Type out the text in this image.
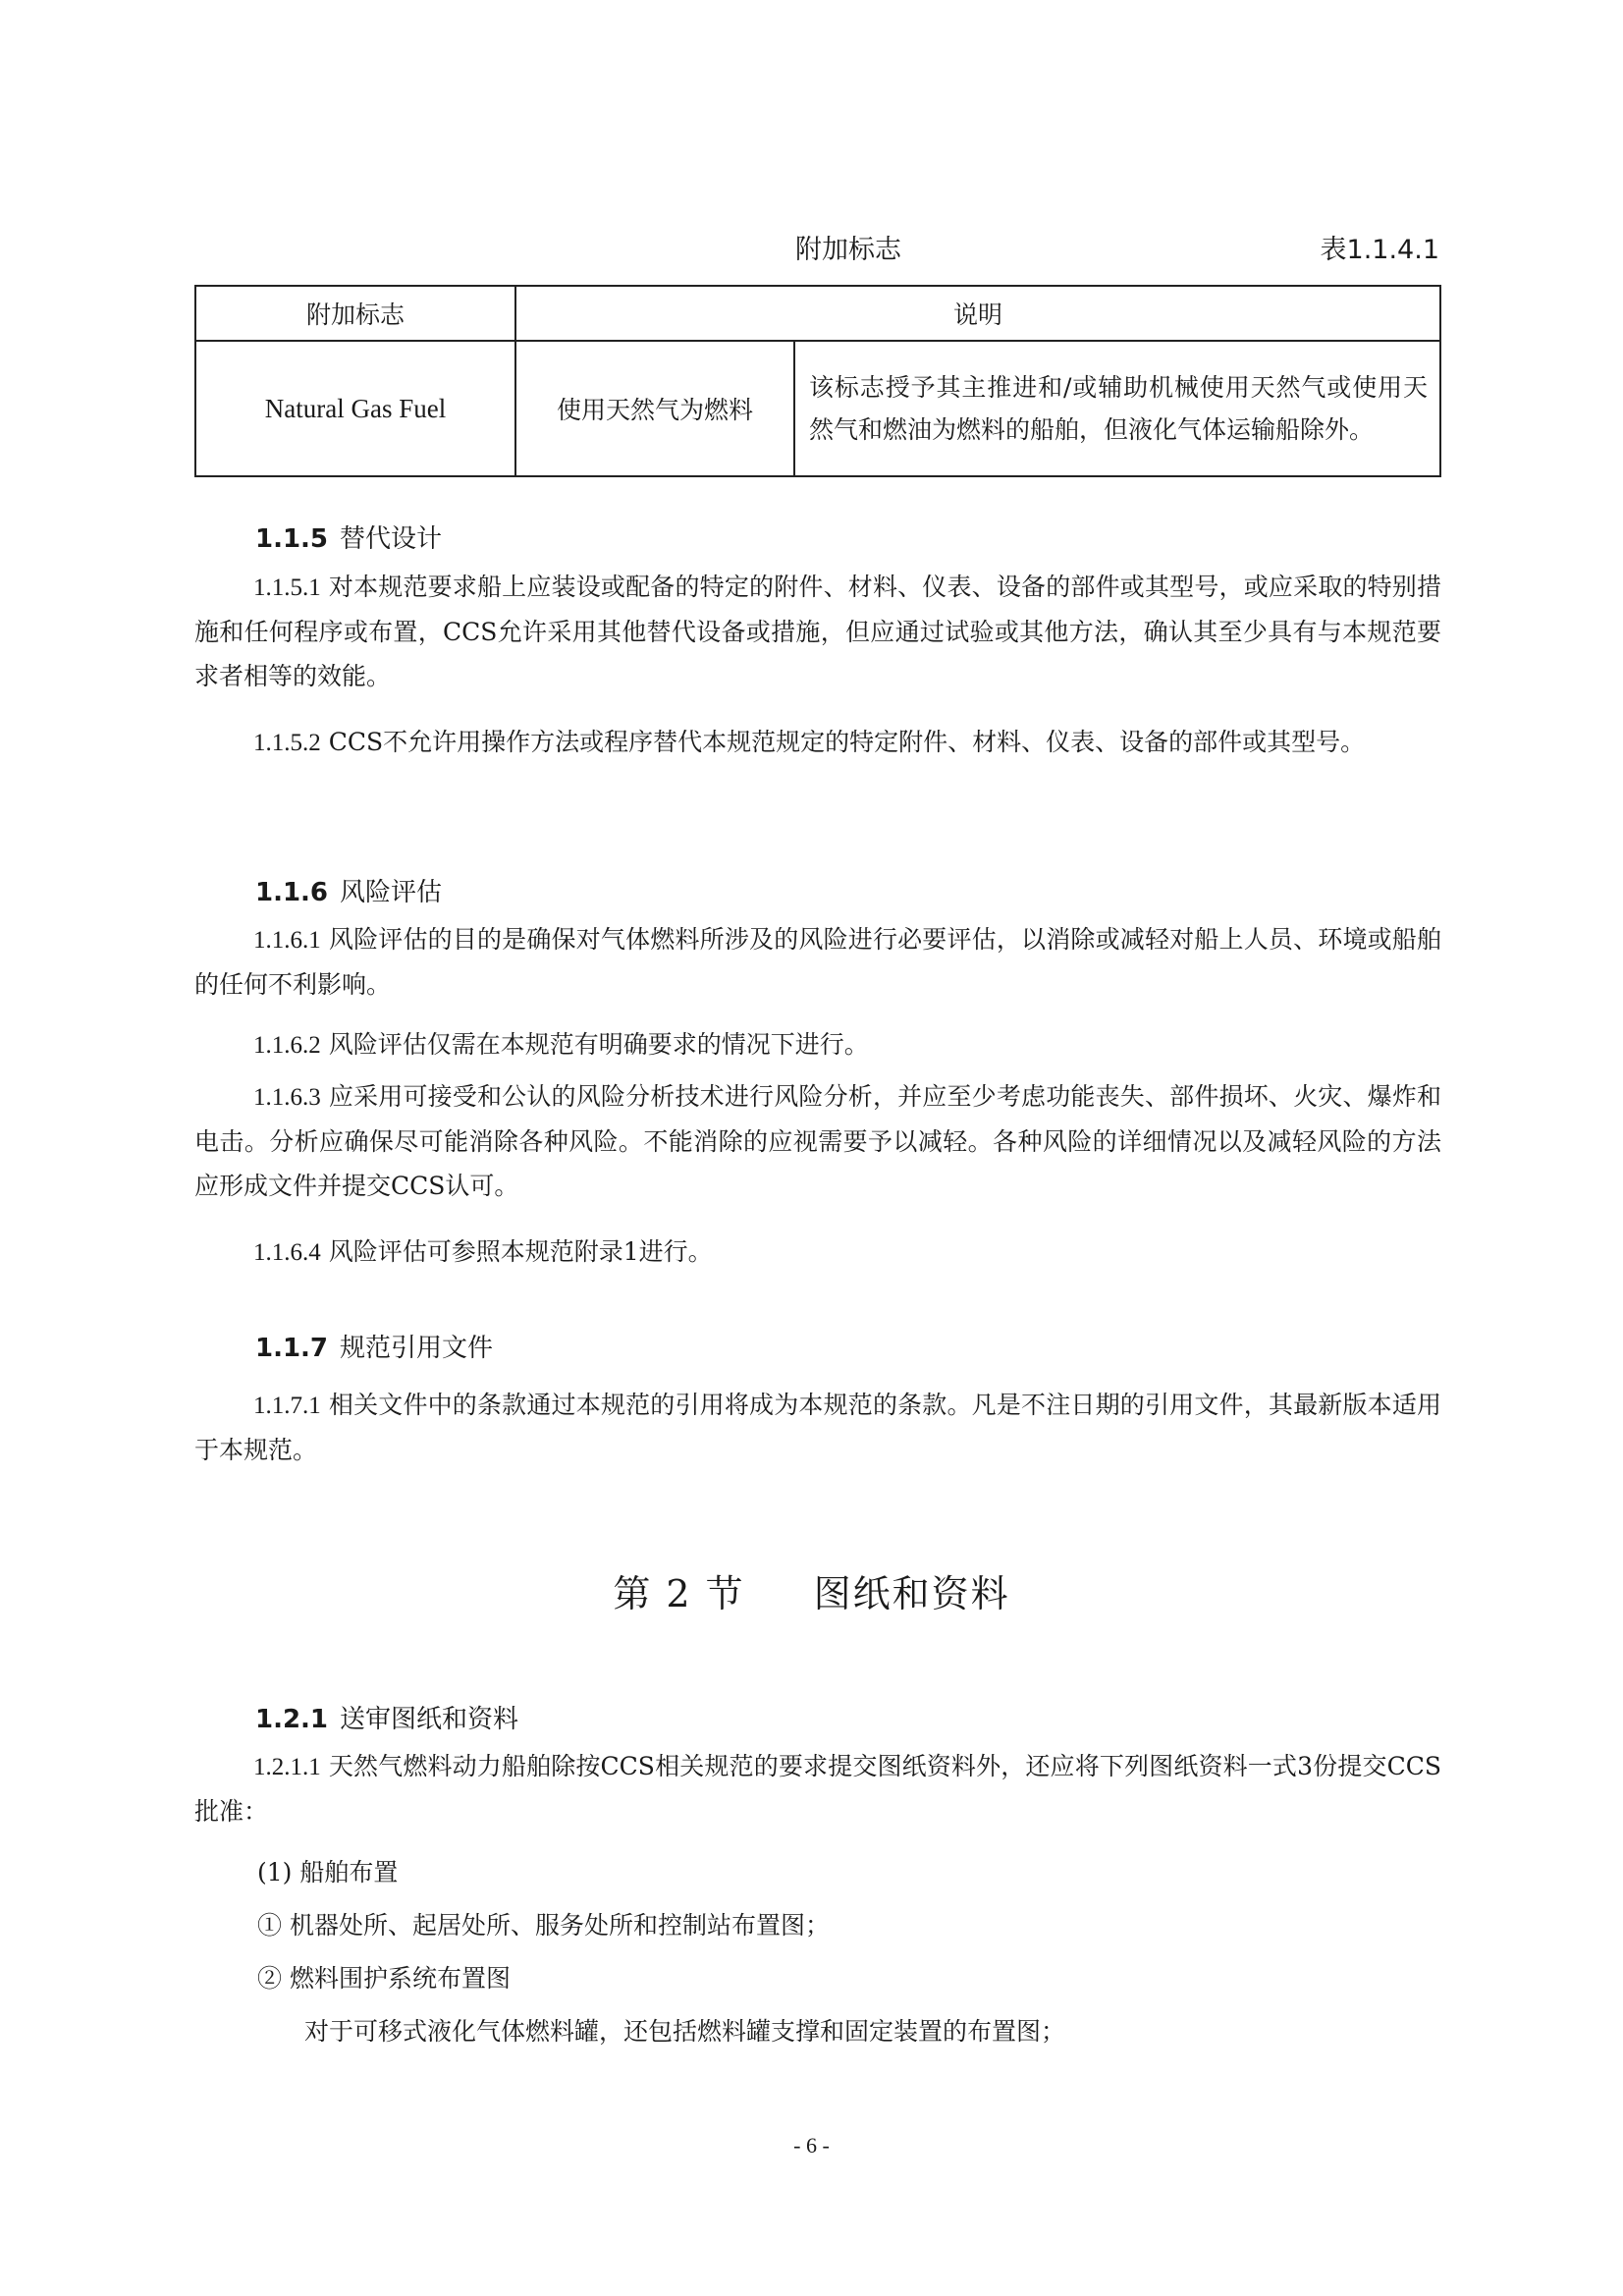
附加标志	表1.1.4.1
附加标志	说明	
Natural Gas Fuel	使用天然气为燃料	该标志授予其主推进和/或辅助机械使用天然气或使用天然气和燃油为燃料的船舶，但液化气体运输船除外。
1.1.5 替代设计
1.1.5.1 对本规范要求船上应装设或配备的特定的附件、材料、仪表、设备的部件或其型号，或应采取的特别措施和任何程序或布置，CCS允许采用其他替代设备或措施，但应通过试验或其他方法，确认其至少具有与本规范要求者相等的效能。
1.1.5.2 CCS不允许用操作方法或程序替代本规范规定的特定附件、材料、仪表、设备的部件或其型号。
1.1.6 风险评估
1.1.6.1 风险评估的目的是确保对气体燃料所涉及的风险进行必要评估，以消除或减轻对船上人员、环境或船舶的任何不利影响。
1.1.6.2 风险评估仅需在本规范有明确要求的情况下进行。
1.1.6.3 应采用可接受和公认的风险分析技术进行风险分析，并应至少考虑功能丧失、部件损坏、火灾、爆炸和电击。分析应确保尽可能消除各种风险。不能消除的应视需要予以减轻。各种风险的详细情况以及减轻风险的方法应形成文件并提交CCS认可。
1.1.6.4 风险评估可参照本规范附录1进行。
1.1.7 规范引用文件
1.1.7.1 相关文件中的条款通过本规范的引用将成为本规范的条款。凡是不注日期的引用文件，其最新版本适用于本规范。
第 2 节 图纸和资料
1.2.1 送审图纸和资料
1.2.1.1 天然气燃料动力船舶除按CCS相关规范的要求提交图纸资料外，还应将下列图纸资料一式3份提交CCS批准：
(1) 船舶布置
① 机器处所、起居处所、服务处所和控制站布置图；
② 燃料围护系统布置图
对于可移式液化气体燃料罐，还包括燃料罐支撑和固定装置的布置图；
- 6 -
